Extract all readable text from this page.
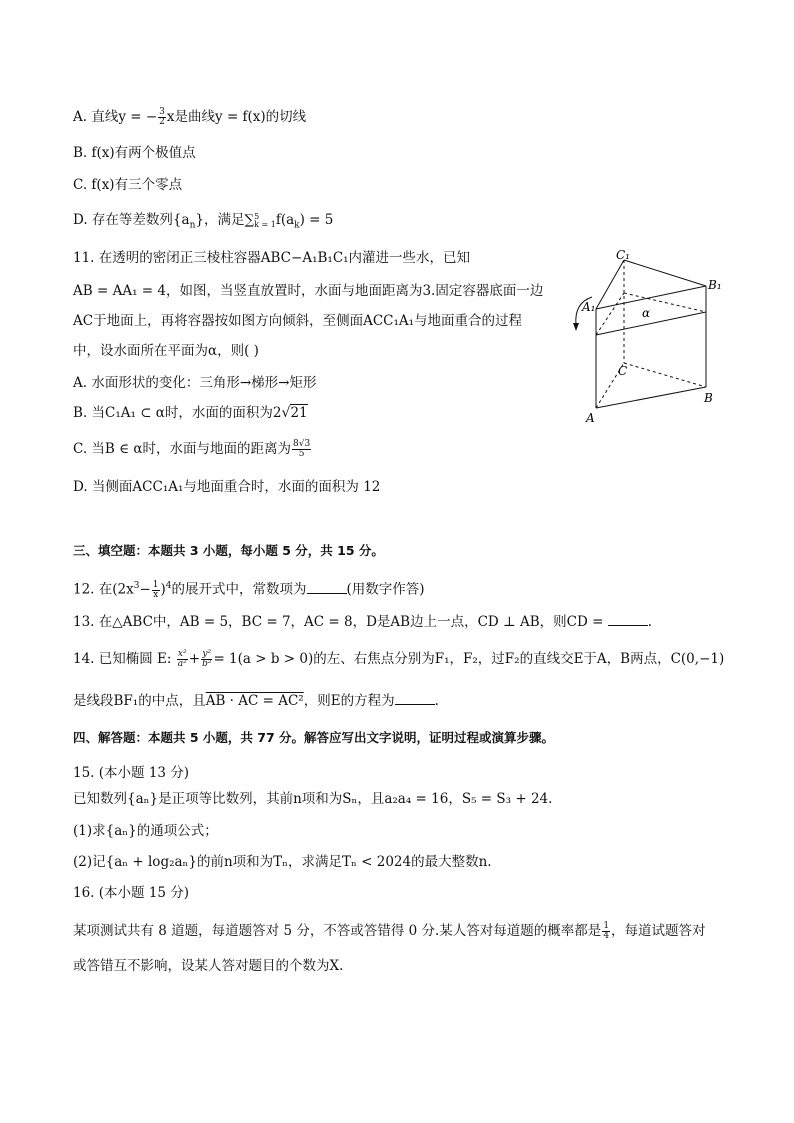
A. 直线y = − $\frac{3}{2}$ x是曲线y = f(x)的切线
B. f(x)有两个极值点
C. f(x)有三个零点
D. 存在等差数列$\{a_n\}$，满足∑ 5
k = 1 $f(a_k) = 5$
11. 在透明的密闭正三棱柱容器ABC−A₁B₁C₁内灌进一些水，已知
AB = AA₁ = 4，如图，当竖直放置时，水面与地面距离为3.固定容器底面一边
AC于地面上，再将容器按如图方向倾斜，至侧面ACC₁A₁与地面重合的过程
中，设水面所在平面为α，则( )
A. 水面形状的变化：三角形→梯形→矩形
B. 当C₁A₁ ⊂ α时，水面的面积为2√21
C. 当B ∈ α时，水面与地面的距离为 $\frac{8√3}{5}$
D. 当侧面ACC₁A₁与地面重合时，水面的面积为 12
C₁
B₁
A₁	α
C
B
A
三、填空题：本题共 3 小题，每小题 5 分，共 15 分。
12. 在$(2x^3- \frac{1}{x} )^4$的展开式中，常数项为	(用数字作答)
13. 在△ABC中，AB = 5，BC = 7，AC = 8，D是AB边上一点，CD ⊥ AB，则CD =	.
14. 已知椭圆 E: $\frac{\text{x²}}{\text{a²}} + \frac{\text{y²}}{\text{b²}} = 1(a > b > 0)$的左、右焦点分别为F₁，F₂，过F₂的直线交E于A，B两点，C(0,−1)
是线段BF₁的中点，且AB · AC = AC²，则E的方程为	.
四、解答题：本题共 5 小题，共 77 分。解答应写出文字说明，证明过程或演算步骤。
15. (本小题 13 分)
已知数列{aₙ}是正项等比数列，其前n项和为Sₙ，且a₂a₄ = 16，S₅ = S₃ + 24.
(1)求{aₙ}的通项公式；
(2)记{aₙ + log₂aₙ}的前n项和为Tₙ，求满足Tₙ < 2024的最大整数n.
16. (本小题 15 分)
某项测试共有 8 道题，每道题答对 5 分，不答或答错得 0 分.某人答对每道题的概率都是 $\frac{1}{4}$ ，每道试题答对
或答错互不影响，设某人答对题目的个数为X.
